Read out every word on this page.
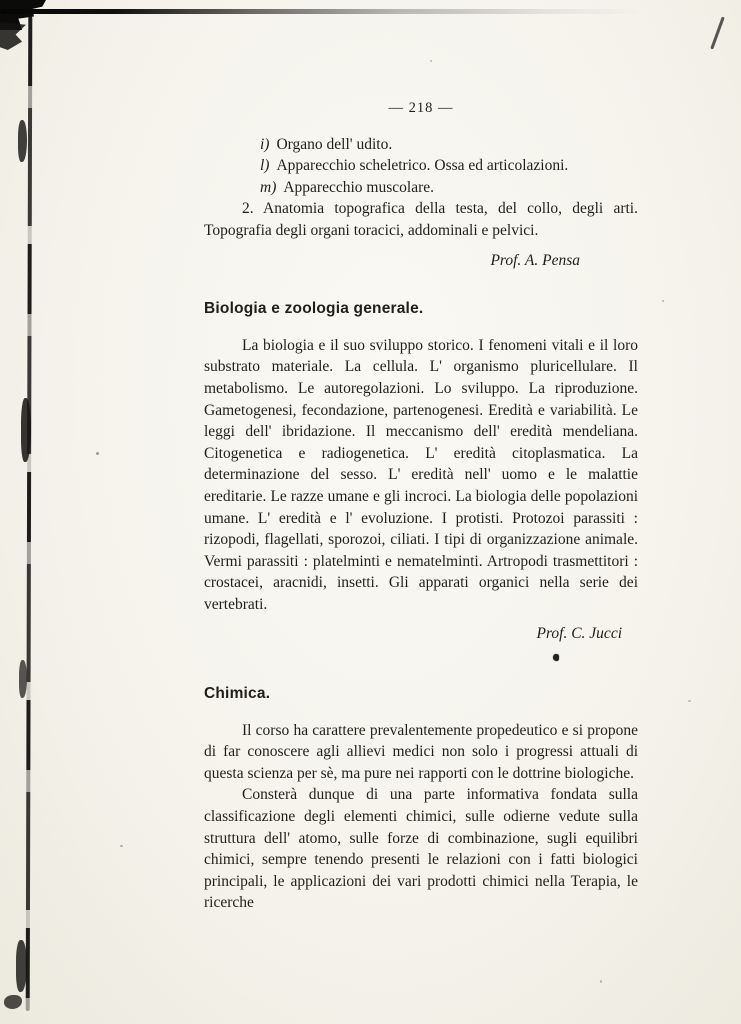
— 218 —
i) Organo dell' udito.
l) Apparecchio scheletrico. Ossa ed articolazioni.
m) Apparecchio muscolare.

2. Anatomia topografica della testa, del collo, degli arti. Topografia degli organi toracici, addominali e pelvici.

Prof. A. Pensa
Biologia e zoologia generale.

La biologia e il suo sviluppo storico. I fenomeni vitali e il loro substrato materiale. La cellula. L' organismo pluricellulare. Il metabolismo. Le autoregolazioni. Lo sviluppo. La riproduzione. Gametogenesi, fecondazione, partenogenesi. Eredità e variabilità. Le leggi dell' ibridazione. Il meccanismo dell' eredità mendeliana. Citogenetica e radiogenetica. L' eredità citoplasmatica. La determinazione del sesso. L' eredità nell' uomo e le malattie ereditarie. Le razze umane e gli incroci. La biologia delle popolazioni umane. L' eredità e l' evoluzione. I protisti. Protozoi parassiti : rizopodi, flagellati, sporozoi, ciliati. I tipi di organizzazione animale. Vermi parassiti : platelminti e nematelminti. Artropodi trasmettitori : crostacei, aracnidi, insetti. Gli apparati organici nella serie dei vertebrati.

Prof. C. Jucci
Chimica.

Il corso ha carattere prevalentemente propedeutico e si propone di far conoscere agli allievi medici non solo i progressi attuali di questa scienza per sè, ma pure nei rapporti con le dottrine biologiche.

Consterà dunque di una parte informativa fondata sulla classificazione degli elementi chimici, sulle odierne vedute sulla struttura dell' atomo, sulle forze di combinazione, sugli equilibri chimici, sempre tenendo presenti le relazioni con i fatti biologici principali, le applicazioni dei vari prodotti chimici nella Terapia, le ricerche
